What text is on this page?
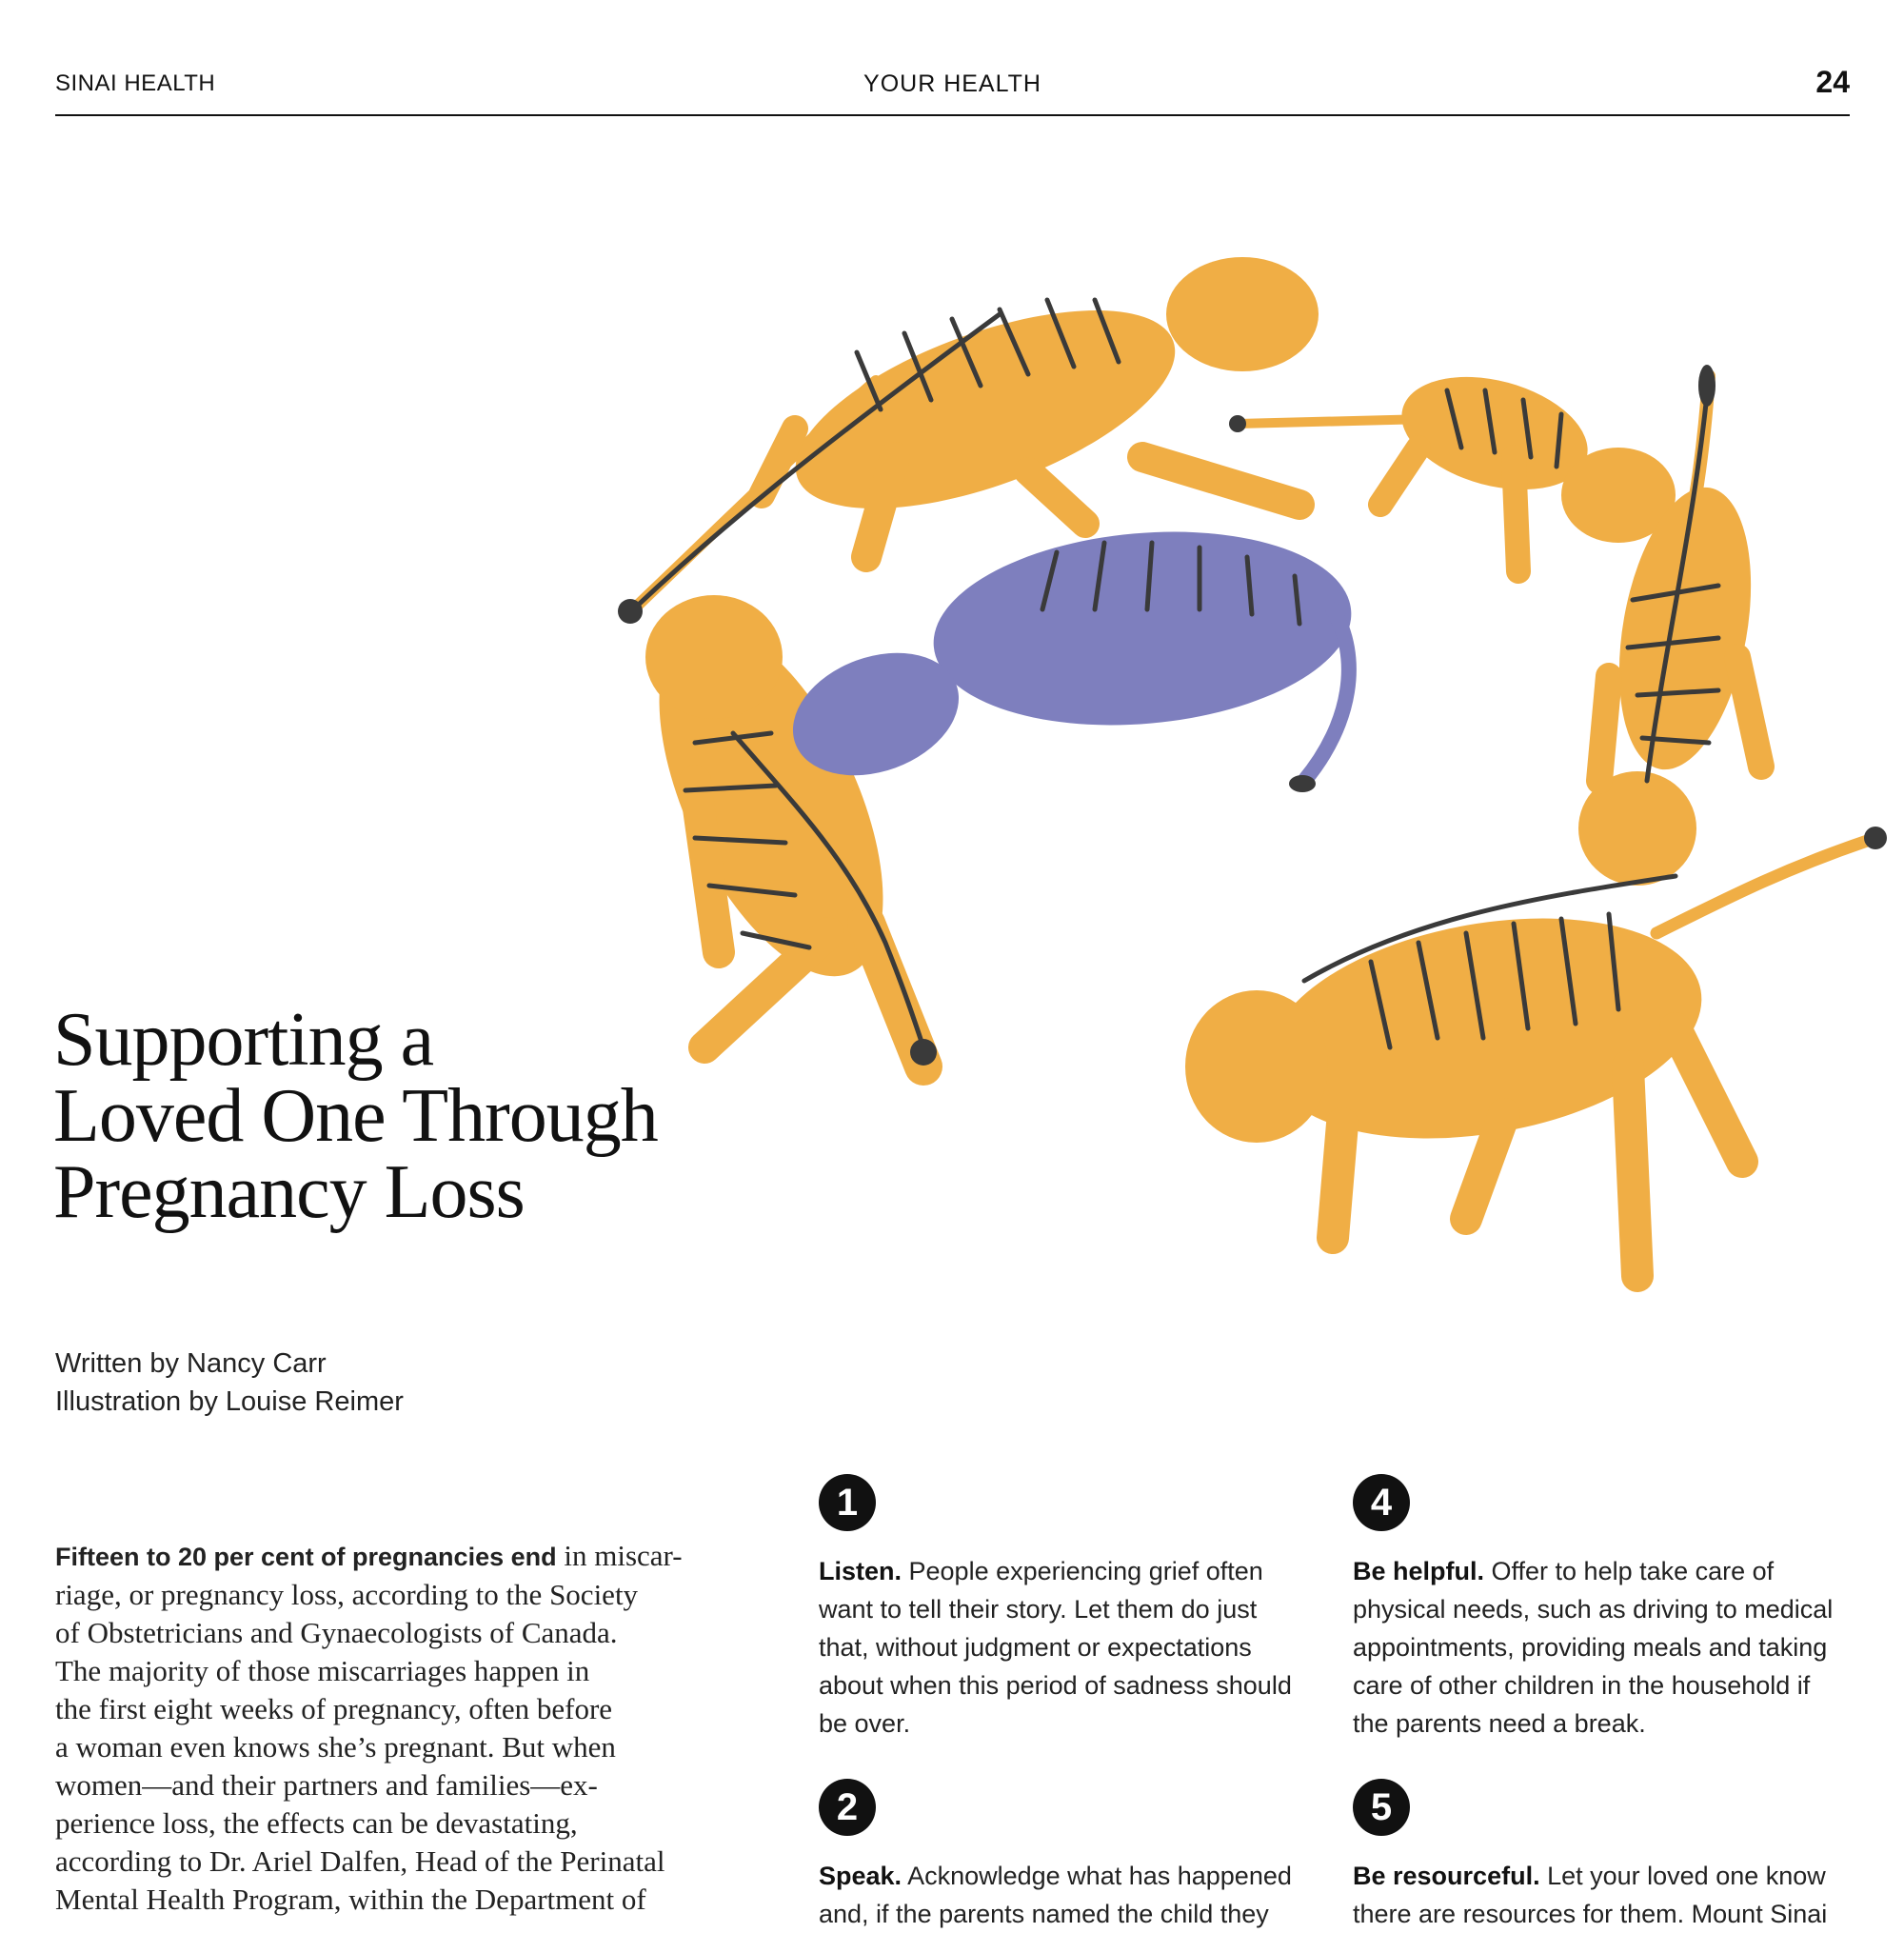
SINAI HEALTH	YOUR HEALTH	24
Supporting a
Loved One Through
Pregnancy Loss
Written by Nancy Carr
Illustration by Louise Reimer
Fifteen to 20 per cent of pregnancies end in miscar-
riage, or pregnancy loss, according to the Society
of Obstetricians and Gynaecologists of Canada.
The majority of those miscarriages happen in
the first eight weeks of pregnancy, often before
a woman even knows she’s pregnant. But when
women—and their partners and families—ex-
perience loss, the effects can be devastating,
according to Dr. Ariel Dalfen, Head of the Perinatal
Mental Health Program, within the Department of
1
Listen. People experiencing grief often
want to tell their story. Let them do just
that, without judgment or expectations
about when this period of sadness should
be over.
2
Speak. Acknowledge what has happened
and, if the parents named the child they
4
Be helpful. Offer to help take care of
physical needs, such as driving to medical
appointments, providing meals and taking
care of other children in the household if
the parents need a break.
5
Be resourceful. Let your loved one know
there are resources for them. Mount Sinai
